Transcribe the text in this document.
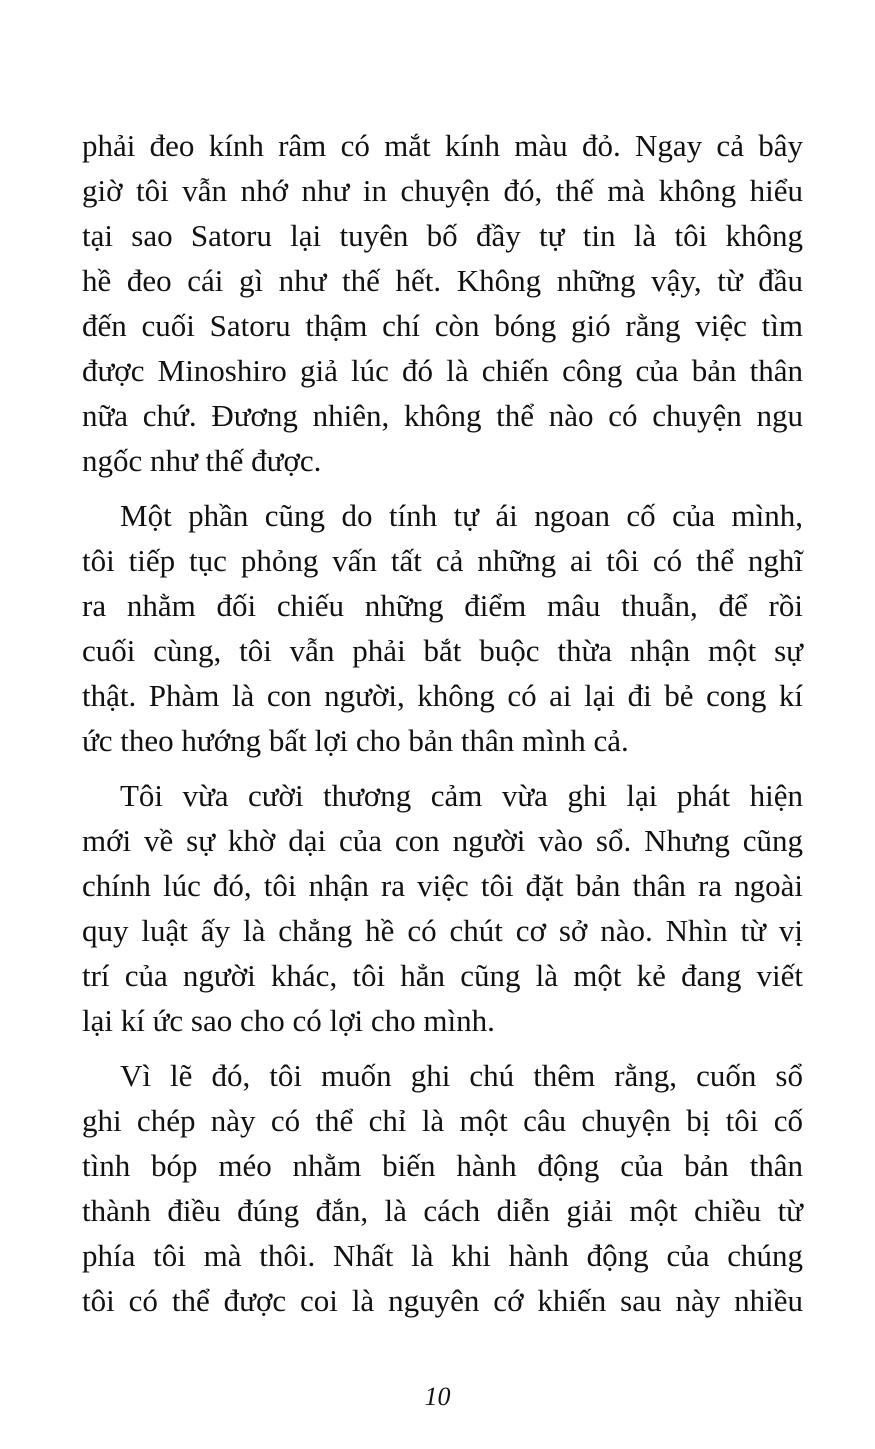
phải đeo kính râm có mắt kính màu đỏ. Ngay cả bây
giờ tôi vẫn nhớ như in chuyện đó, thế mà không hiểu
tại sao Satoru lại tuyên bố đầy tự tin là tôi không
hề đeo cái gì như thế hết. Không những vậy, từ đầu
đến cuối Satoru thậm chí còn bóng gió rằng việc tìm
được Minoshiro giả lúc đó là chiến công của bản thân
nữa chứ. Đương nhiên, không thể nào có chuyện ngu
ngốc như thế được.
Một phần cũng do tính tự ái ngoan cố của mình,
tôi tiếp tục phỏng vấn tất cả những ai tôi có thể nghĩ
ra nhằm đối chiếu những điểm mâu thuẫn, để rồi
cuối cùng, tôi vẫn phải bắt buộc thừa nhận một sự
thật. Phàm là con người, không có ai lại đi bẻ cong kí
ức theo hướng bất lợi cho bản thân mình cả.
Tôi vừa cười thương cảm vừa ghi lại phát hiện
mới về sự khờ dại của con người vào sổ. Nhưng cũng
chính lúc đó, tôi nhận ra việc tôi đặt bản thân ra ngoài
quy luật ấy là chẳng hề có chút cơ sở nào. Nhìn từ vị
trí của người khác, tôi hẳn cũng là một kẻ đang viết
lại kí ức sao cho có lợi cho mình.
Vì lẽ đó, tôi muốn ghi chú thêm rằng, cuốn sổ
ghi chép này có thể chỉ là một câu chuyện bị tôi cố
tình bóp méo nhằm biến hành động của bản thân
thành điều đúng đắn, là cách diễn giải một chiều từ
phía tôi mà thôi. Nhất là khi hành động của chúng
tôi có thể được coi là nguyên cớ khiến sau này nhiều
10
